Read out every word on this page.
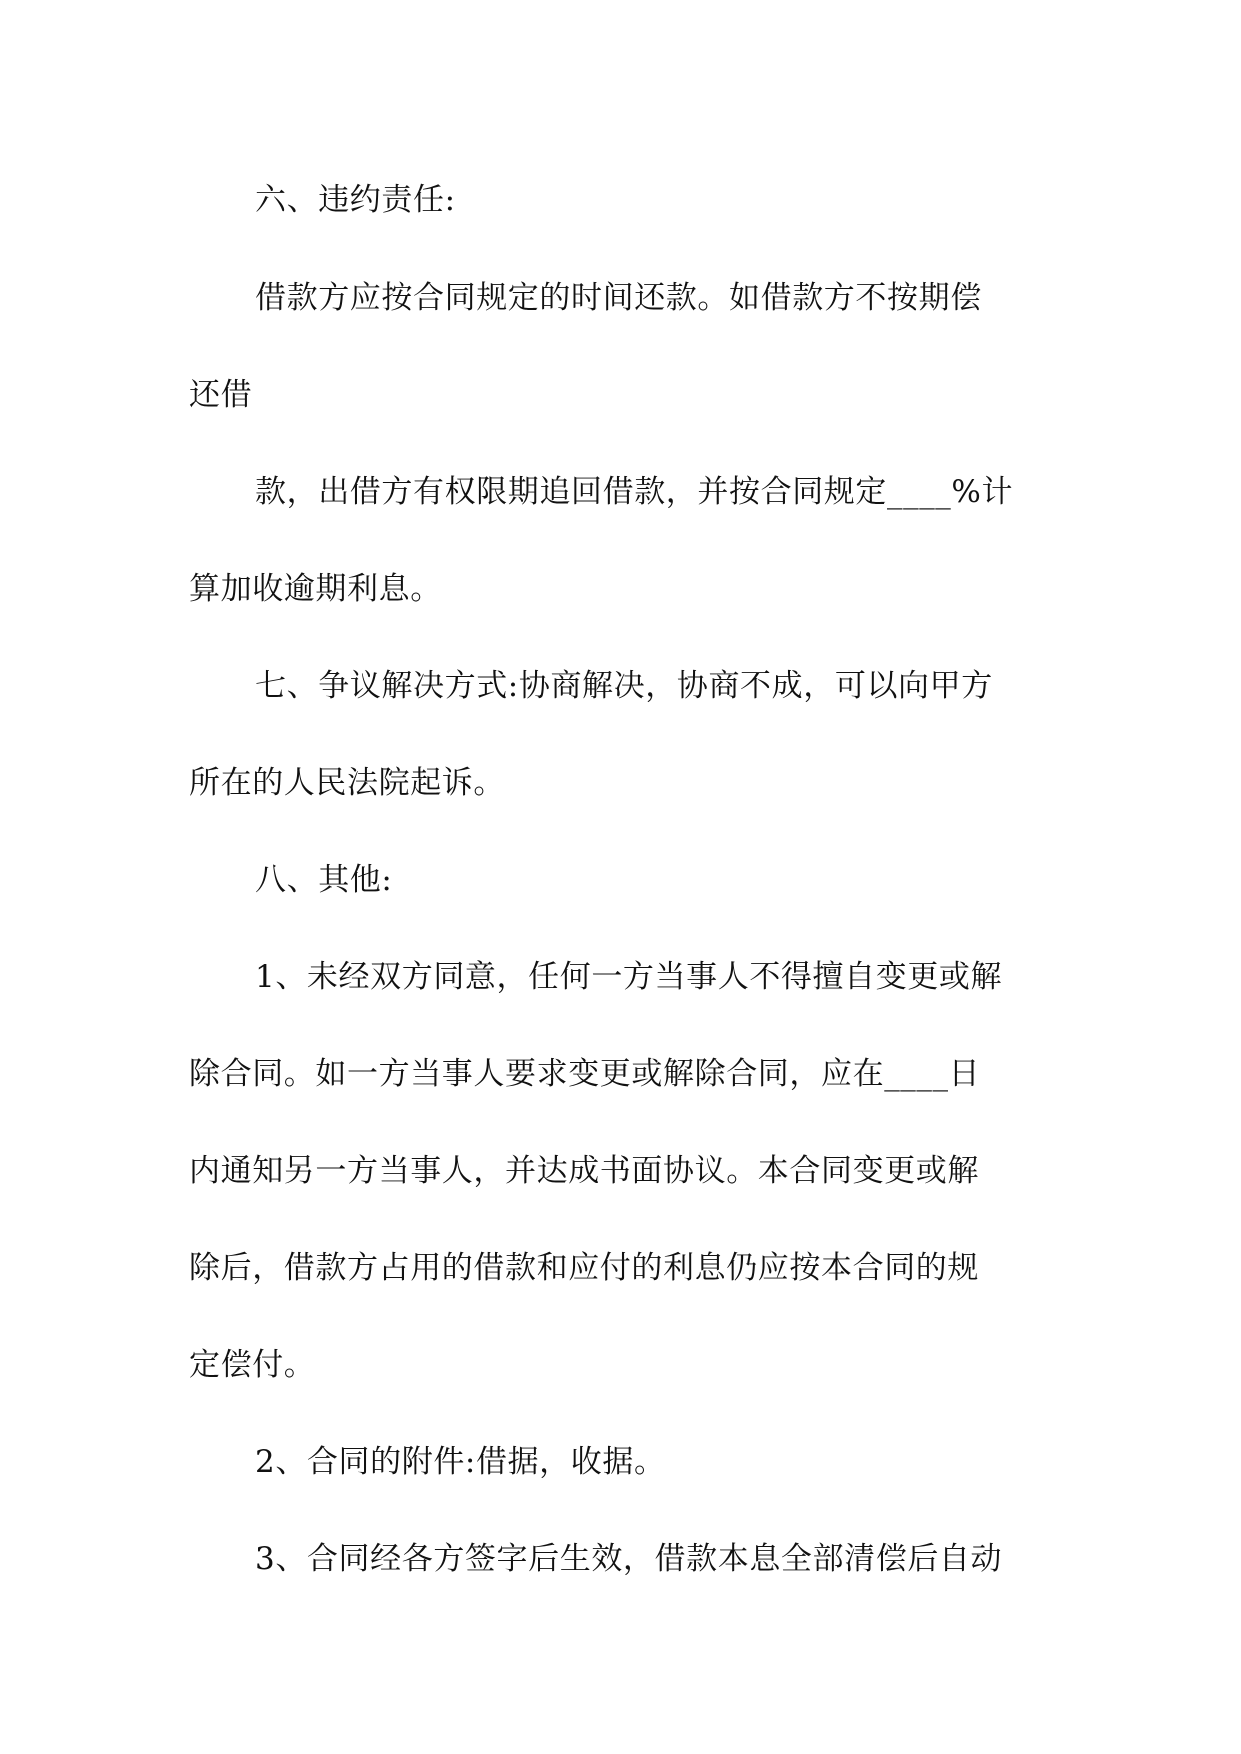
六、违约责任:
借款方应按合同规定的时间还款。如借款方不按期偿
还借
款，出借方有权限期追回借款，并按合同规定____%计
算加收逾期利息。
七、争议解决方式:协商解决，协商不成，可以向甲方
所在的人民法院起诉。
八、其他:
1、未经双方同意，任何一方当事人不得擅自变更或解
除合同。如一方当事人要求变更或解除合同，应在____日
内通知另一方当事人，并达成书面协议。本合同变更或解
除后，借款方占用的借款和应付的利息仍应按本合同的规
定偿付。
2、合同的附件:借据，收据。
3、合同经各方签字后生效，借款本息全部清偿后自动
